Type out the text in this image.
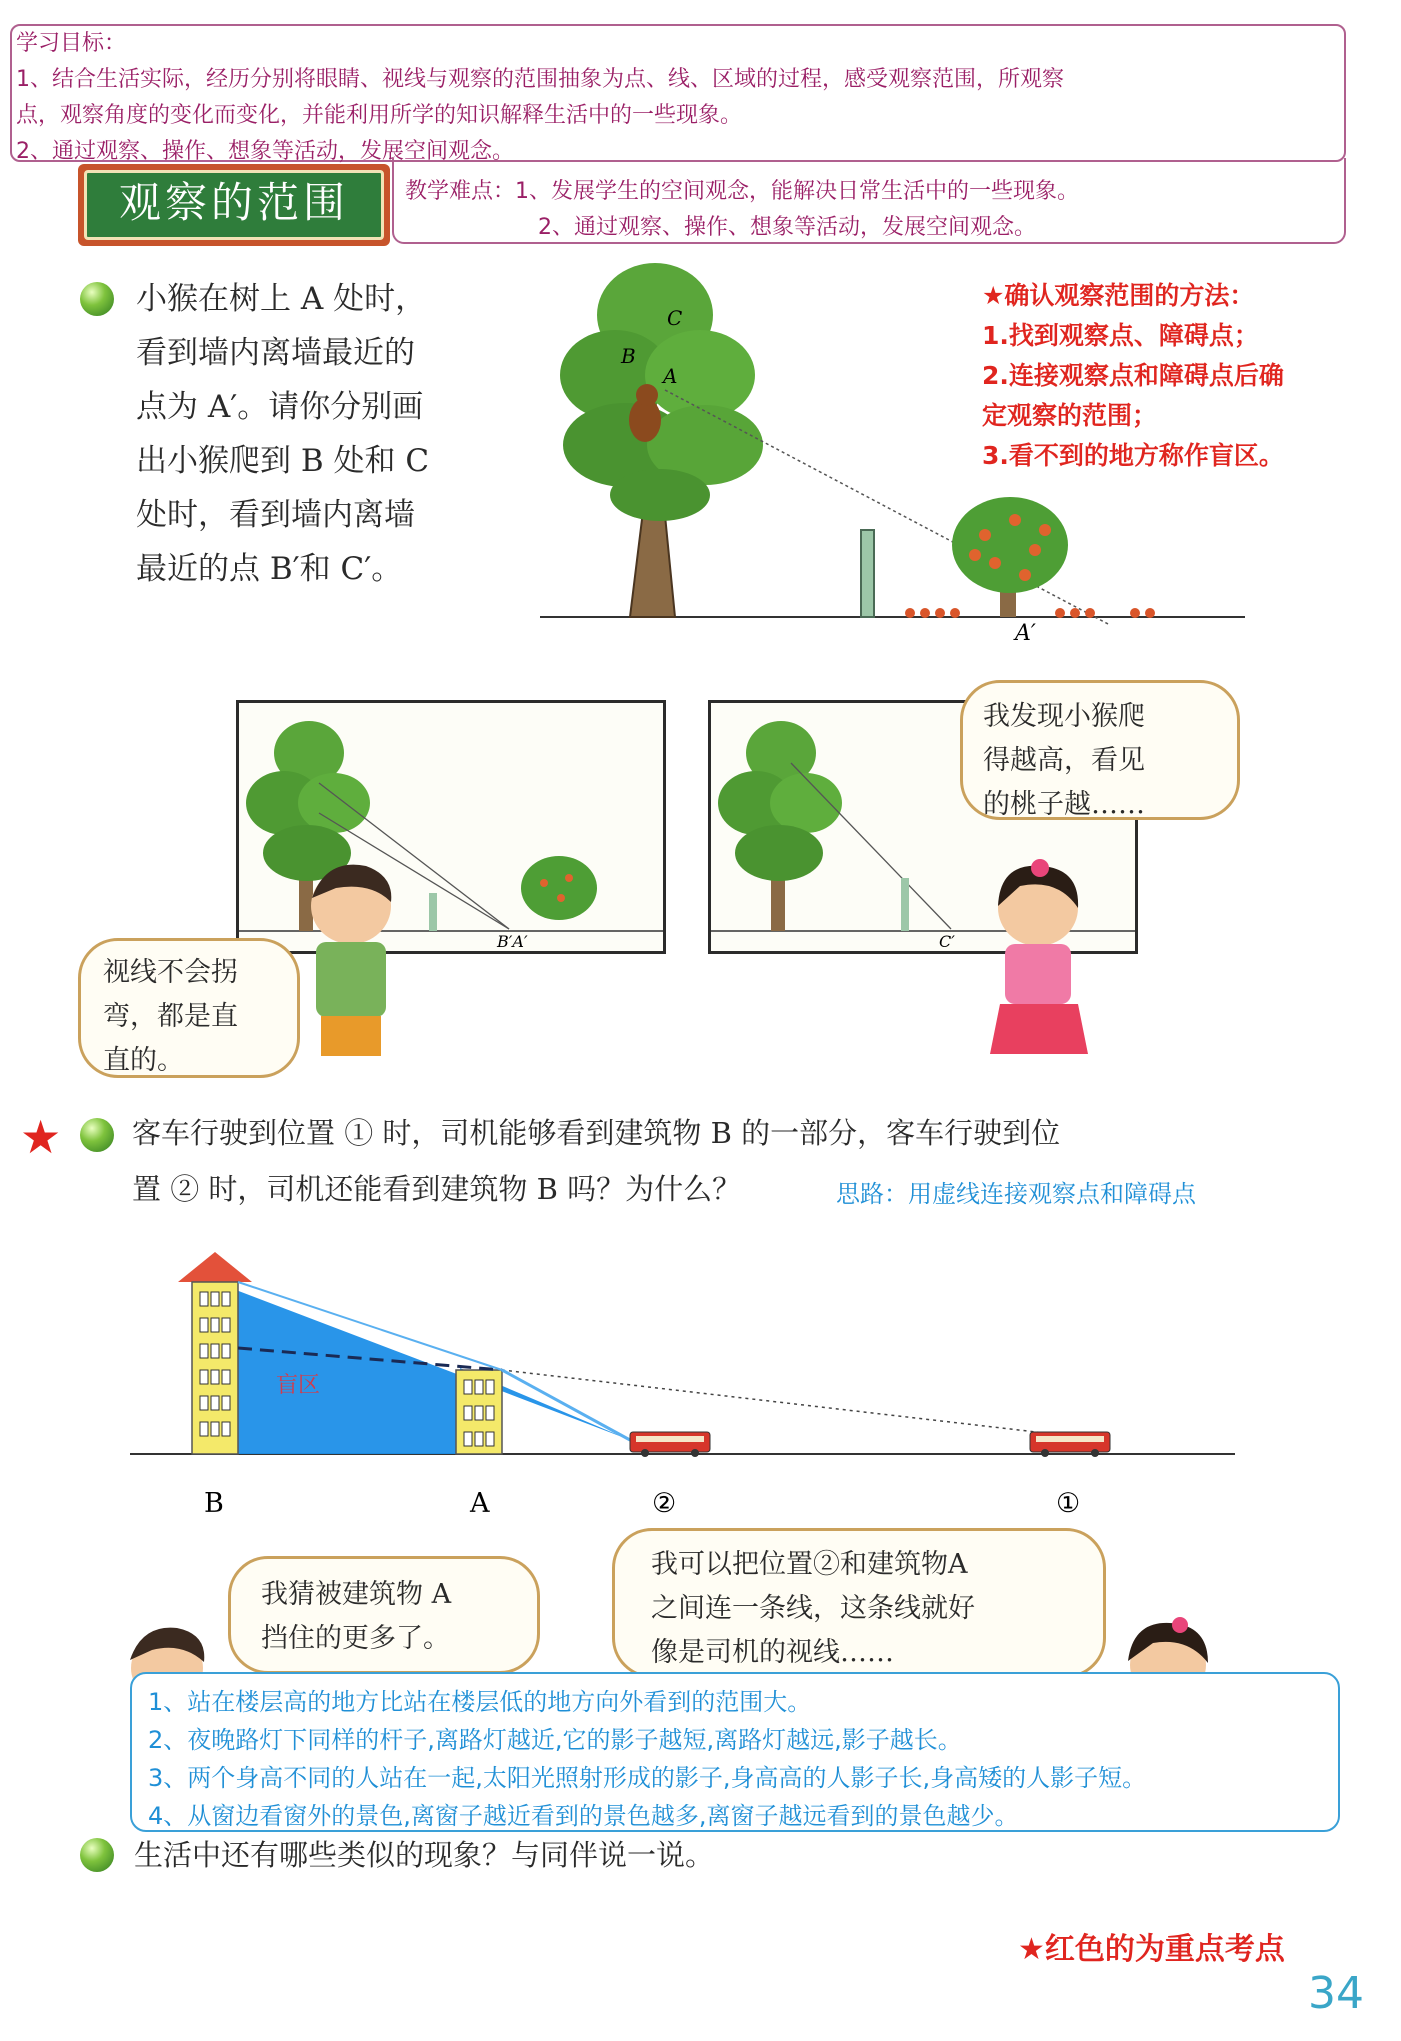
学习目标：
1、结合生活实际，经历分别将眼睛、视线与观察的范围抽象为点、线、区域的过程，感受观察范围，所观察
点，观察角度的变化而变化，并能利用所学的知识解释生活中的一些现象。
2、通过观察、操作、想象等活动，发展空间观念。
教学难点：1、发展学生的空间观念，能解决日常生活中的一些现象。
2、通过观察、操作、想象等活动，发展空间观念。
观察的范围
小猴在树上 A 处时，
看到墙内离墙最近的
点为 A′。请你分别画
出小猴爬到 B 处和 C
处时，看到墙内离墙
最近的点 B′和 C′。
A
B
C
A′
★确认观察范围的方法：
1.找到观察点、障碍点；
2.连接观察点和障碍点后确
定观察的范围；
3.看不到的地方称作盲区。
B′A′	C′
我发现小猴爬
得越高，看见
的桃子越……
视线不会拐
弯，都是直
直的。
★ 客车行驶到位置 ① 时，司机能够看到建筑物 B 的一部分，客车行驶到位
置 ② 时，司机还能看到建筑物 B 吗？为什么？	思路：用虚线连接观察点和障碍点
盲区
B	A	②	①
我猜被建筑物 A
挡住的更多了。
我可以把位置②和建筑物A
之间连一条线，这条线就好
像是司机的视线……
1、站在楼层高的地方比站在楼层低的地方向外看到的范围大。
2、夜晚路灯下同样的杆子,离路灯越近,它的影子越短,离路灯越远,影子越长。
3、两个身高不同的人站在一起,太阳光照射形成的影子,身高高的人影子长,身高矮的人影子短。
4、从窗边看窗外的景色,离窗子越近看到的景色越多,离窗子越远看到的景色越少。
生活中还有哪些类似的现象？与同伴说一说。
★红色的为重点考点
34
